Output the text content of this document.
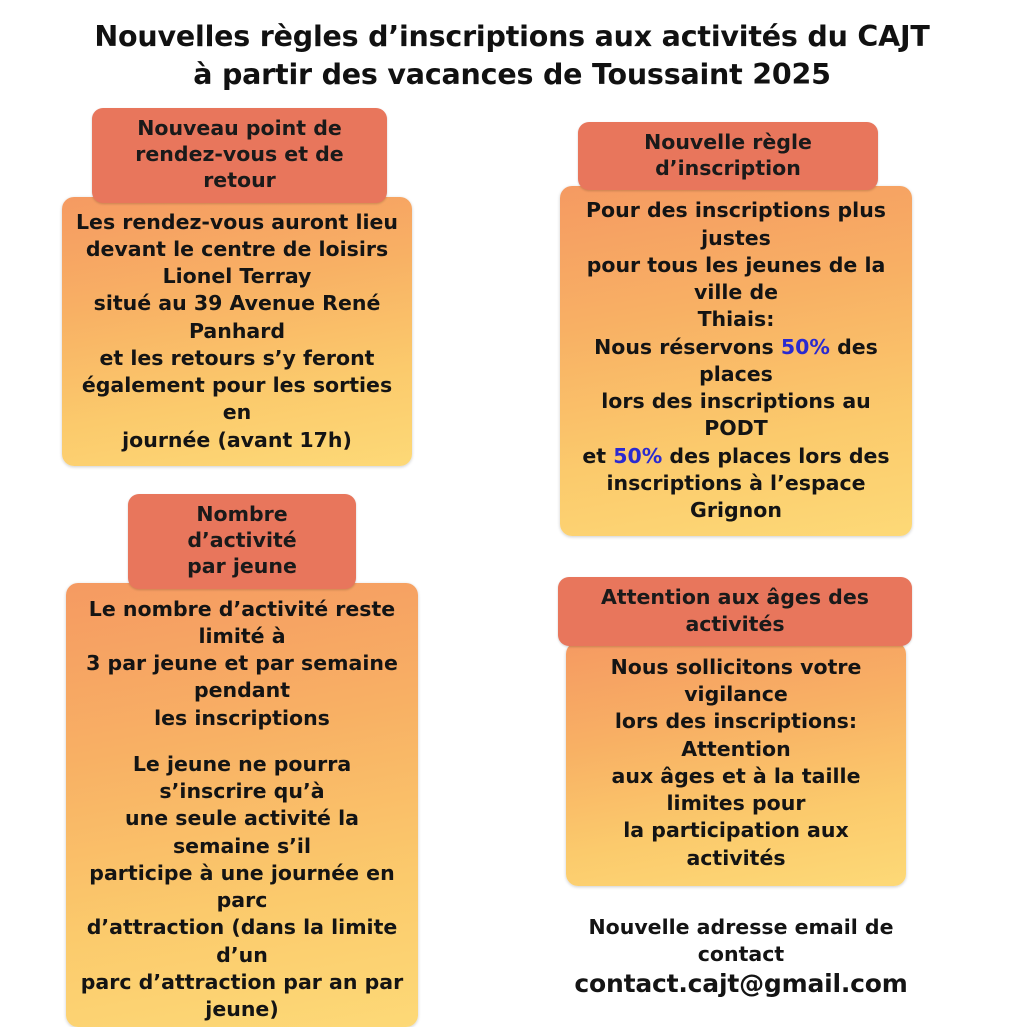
Nouvelles règles d’inscriptions aux activités du CAJT
à partir des vacances de Toussaint 2025
Nouveau point de
rendez-vous et de retour

Les rendez-vous auront lieu
devant le centre de loisirs
Lionel Terray
situé au 39 Avenue René Panhard
et les retours s’y feront
également pour les sorties en
journée (avant 17h)

Nombre d’activité
par jeune

Le nombre d’activité reste limité à
3 par jeune et par semaine pendant
les inscriptions

Le jeune ne pourra s’inscrire qu’à
une seule activité la semaine s’il
participe à une journée en parc
d’attraction (dans la limite d’un
parc d’attraction par an par jeune)

Nouvelle règle d’inscription

Pour des inscriptions plus justes
pour tous les jeunes de la ville de
Thiais:
Nous réservons 50% des places
lors des inscriptions au PODT
et 50% des places lors des
inscriptions à l’espace Grignon

Attention aux âges des activités

Nous sollicitons votre vigilance
lors des inscriptions: Attention
aux âges et à la taille limites pour
la participation aux activités

Nouvelle adresse email de contact
contact.cajt@gmail.com
